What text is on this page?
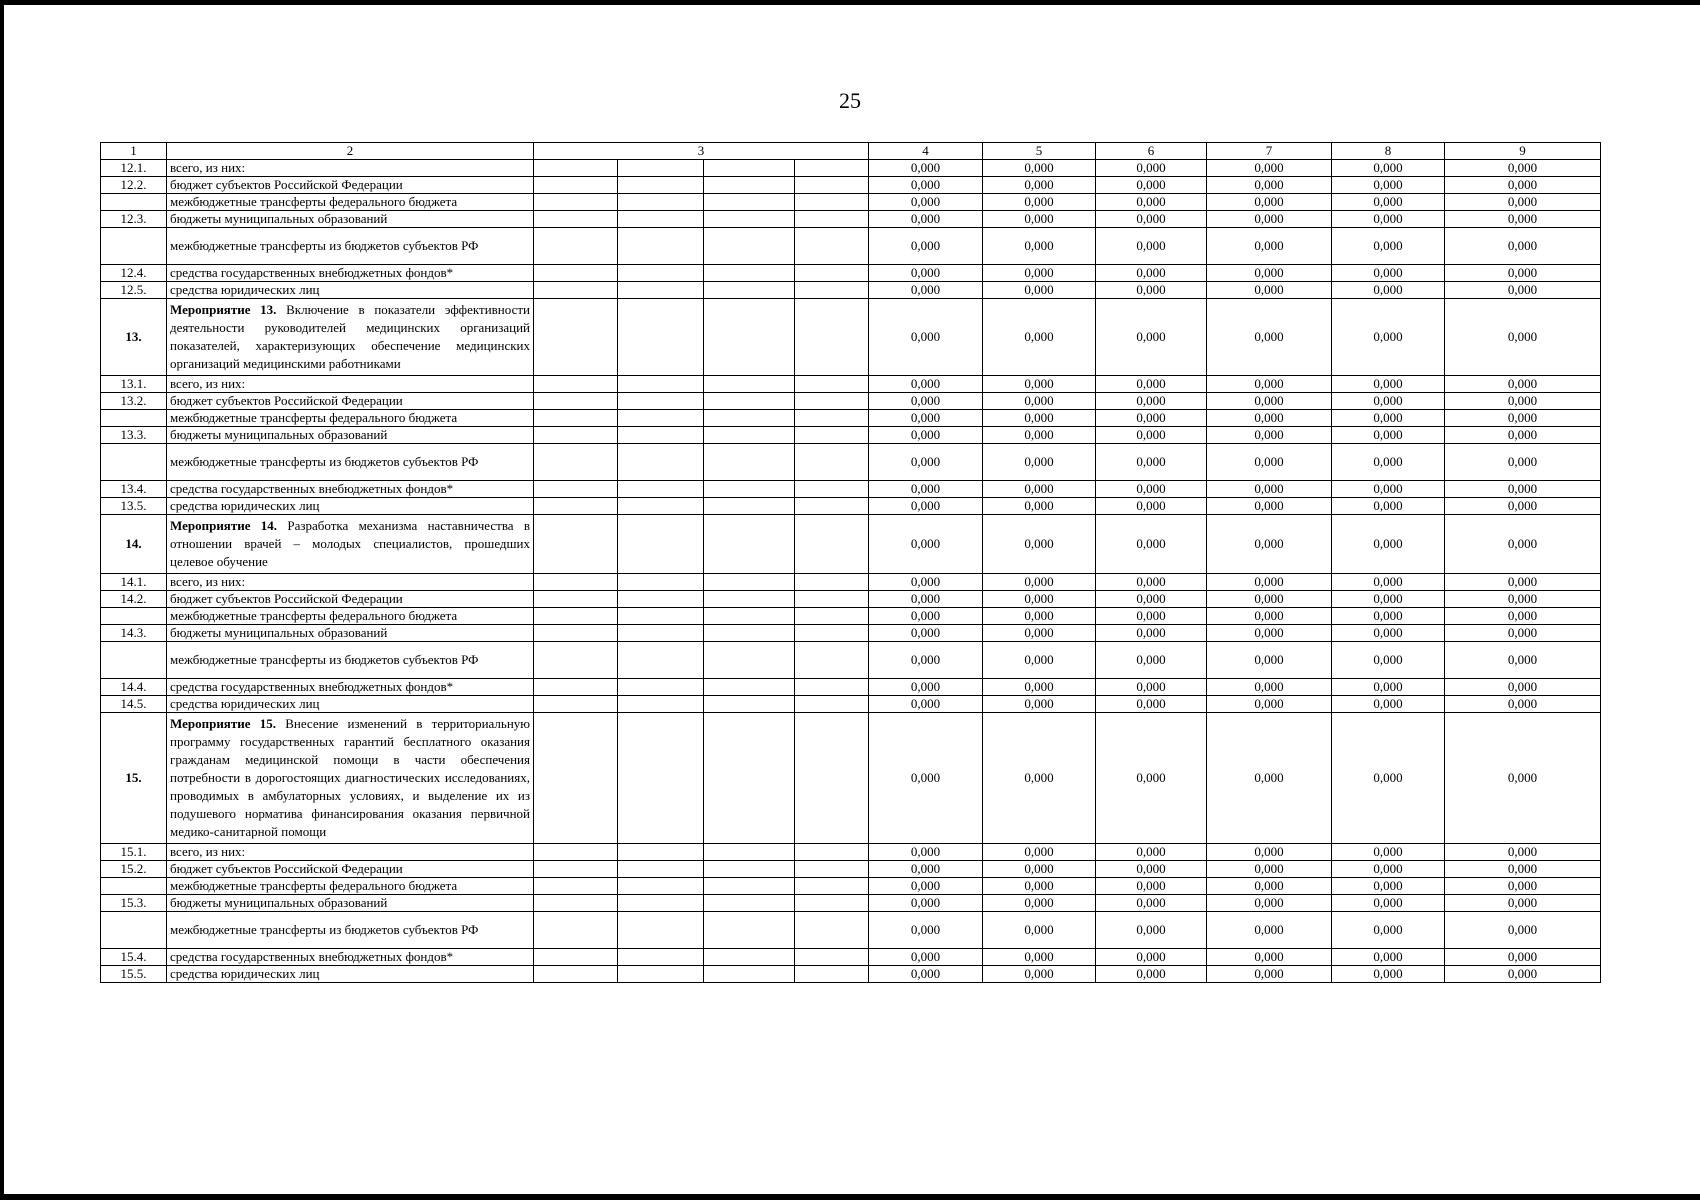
25
1	2	3				4	5	6	7	8	9
12.1.	всего, из них:					0,000	0,000	0,000	0,000	0,000	0,000
12.2.	бюджет субъектов Российской Федерации					0,000	0,000	0,000	0,000	0,000	0,000
	межбюджетные трансферты федерального бюджета					0,000	0,000	0,000	0,000	0,000	0,000
12.3.	бюджеты муниципальных образований					0,000	0,000	0,000	0,000	0,000	0,000
	межбюджетные трансферты из бюджетов субъектов РФ					0,000	0,000	0,000	0,000	0,000	0,000
12.4.	средства государственных внебюджетных фондов*					0,000	0,000	0,000	0,000	0,000	0,000
12.5.	средства юридических лиц					0,000	0,000	0,000	0,000	0,000	0,000
13.	Мероприятие 13. Включение в показатели эффективности деятельности руководителей медицинских организаций показателей, характеризующих обеспечение медицинских организаций медицинскими работниками					0,000	0,000	0,000	0,000	0,000	0,000
13.1.	всего, из них:					0,000	0,000	0,000	0,000	0,000	0,000
13.2.	бюджет субъектов Российской Федерации					0,000	0,000	0,000	0,000	0,000	0,000
	межбюджетные трансферты федерального бюджета					0,000	0,000	0,000	0,000	0,000	0,000
13.3.	бюджеты муниципальных образований					0,000	0,000	0,000	0,000	0,000	0,000
	межбюджетные трансферты из бюджетов субъектов РФ					0,000	0,000	0,000	0,000	0,000	0,000
13.4.	средства государственных внебюджетных фондов*					0,000	0,000	0,000	0,000	0,000	0,000
13.5.	средства юридических лиц					0,000	0,000	0,000	0,000	0,000	0,000
14.	Мероприятие 14. Разработка механизма наставничества в отношении врачей – молодых специалистов, прошедших целевое обучение					0,000	0,000	0,000	0,000	0,000	0,000
14.1.	всего, из них:					0,000	0,000	0,000	0,000	0,000	0,000
14.2.	бюджет субъектов Российской Федерации					0,000	0,000	0,000	0,000	0,000	0,000
	межбюджетные трансферты федерального бюджета					0,000	0,000	0,000	0,000	0,000	0,000
14.3.	бюджеты муниципальных образований					0,000	0,000	0,000	0,000	0,000	0,000
	межбюджетные трансферты из бюджетов субъектов РФ					0,000	0,000	0,000	0,000	0,000	0,000
14.4.	средства государственных внебюджетных фондов*					0,000	0,000	0,000	0,000	0,000	0,000
14.5.	средства юридических лиц					0,000	0,000	0,000	0,000	0,000	0,000
15.	Мероприятие 15. Внесение изменений в территориальную программу государственных гарантий бесплатного оказания гражданам медицинской помощи в части обеспечения потребности в дорогостоящих диагностических исследованиях, проводимых в амбулаторных условиях, и выделение их из подушевого норматива финансирования оказания первичной медико-санитарной помощи					0,000	0,000	0,000	0,000	0,000	0,000
15.1.	всего, из них:					0,000	0,000	0,000	0,000	0,000	0,000
15.2.	бюджет субъектов Российской Федерации					0,000	0,000	0,000	0,000	0,000	0,000
	межбюджетные трансферты федерального бюджета					0,000	0,000	0,000	0,000	0,000	0,000
15.3.	бюджеты муниципальных образований					0,000	0,000	0,000	0,000	0,000	0,000
	межбюджетные трансферты из бюджетов субъектов РФ					0,000	0,000	0,000	0,000	0,000	0,000
15.4.	средства государственных внебюджетных фондов*					0,000	0,000	0,000	0,000	0,000	0,000
15.5.	средства юридических лиц					0,000	0,000	0,000	0,000	0,000	0,000
